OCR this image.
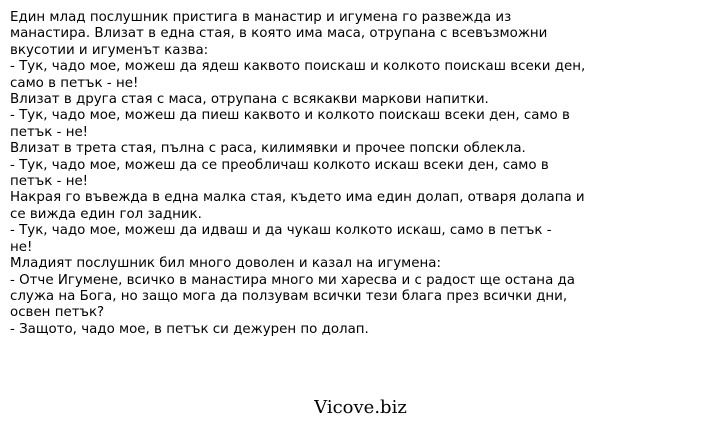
Един млад послушник пристига в манастир и игумена го развежда из
манастира. Влизат в една стая, в която има маса, отрупана с всевъзможни
вкусотии и игуменът казва:
- Тук, чадо мое, можеш да ядеш каквото поискаш и колкото поискаш всеки ден,
само в петък - не!
Влизат в друга стая с маса, отрупана с всякакви маркови напитки.
- Тук, чадо мое, можеш да пиеш каквото и колкото поискаш всеки ден, само в
петък - не!
Влизат в трета стая, пълна с раса, килимявки и прочее попски облекла.
- Тук, чадо мое, можеш да се преобличаш колкото искаш всеки ден, само в
петък - не!
Накрая го въвежда в една малка стая, където има един долап, отваря долапа и
се вижда един гол задник.
- Тук, чадо мое, можеш да идваш и да чукаш колкото искаш, само в петък -
не!
Младият послушник бил много доволен и казал на игумена:
- Отче Игумене, всичко в манастира много ми харесва и с радост ще остана да
служа на Бога, но защо мога да ползувам всички тези блага през всички дни,
освен петък?
- Защото, чадо мое, в петък си дежурен по долап.
Vicove.biz
